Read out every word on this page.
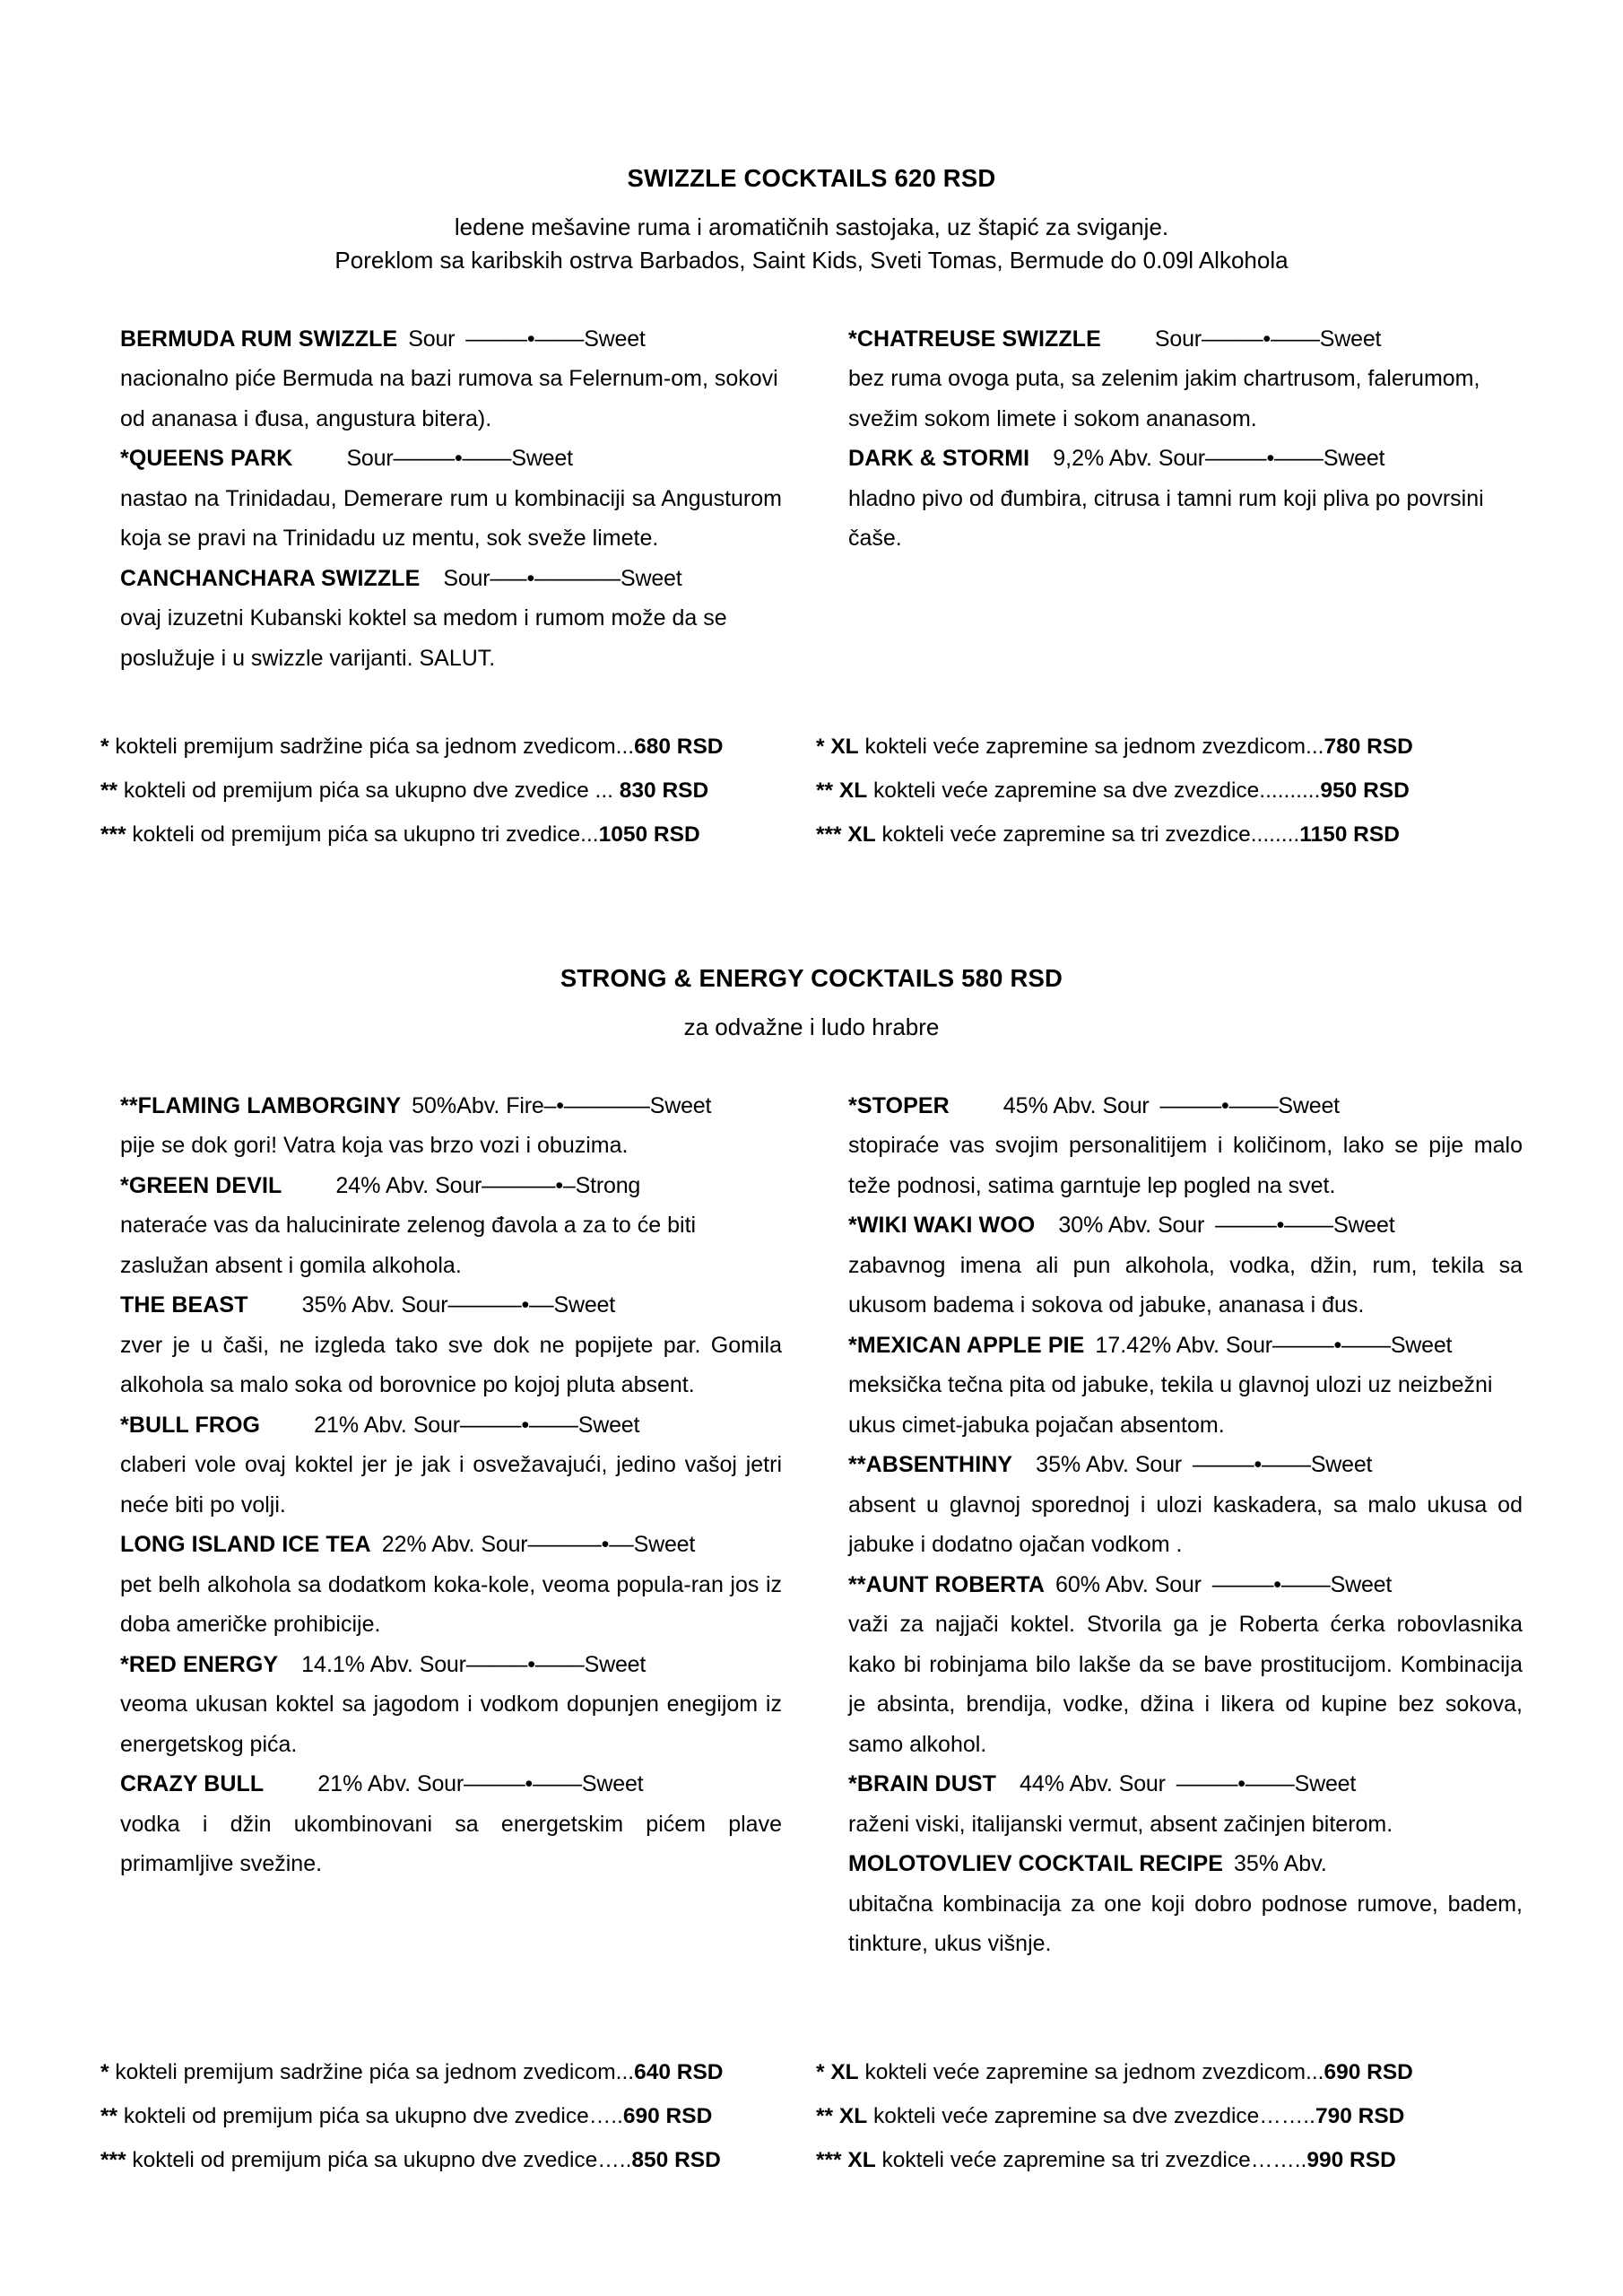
SWIZZLE COCKTAILS 620 RSD
ledene mešavine ruma i aromatičnih sastojaka, uz štapić za sviganje.
Poreklom sa karibskih ostrva Barbados, Saint Kids, Sveti Tomas, Bermude do 0.09l Alkohola
BERMUDA RUM SWIZZLE Sour –––––•––––Sweet
nacionalno piće Bermuda na bazi rumova sa Felernum-om, sokovi od ananasa i đusa, angustura bitera).
*QUEENS PARK Sour–––––•––––Sweet
nastao na Trinidadau, Demerare rum u kombinaciji sa Angusturom koja se pravi na Trinidadu uz mentu, sok sveže limete.
CANCHANCHARA SWIZZLE Sour–––•–––––––Sweet
ovaj izuzetni Kubanski koktel sa medom i rumom može da se poslužuje i u swizzle varijanti. SALUT.
*CHATREUSE SWIZZLE Sour–––––•––––Sweet
bez ruma ovoga puta, sa zelenim jakim chartrusom, falerumom, svežim sokom limete i sokom ananasom.
DARK & STORMI 9,2% Abv. Sour–––––•––––Sweet
hladno pivo od đumbira, citrusa i tamni rum koji pliva po povrsini čaše.
* kokteli premijum sadržine pića sa jednom zvedicom...680 RSD
** kokteli od premijum pića sa ukupno dve zvedice ... 830 RSD
*** kokteli od premijum pića sa ukupno tri zvedice...1050 RSD
* XL kokteli veće zapremine sa jednom zvezdicom...780 RSD
** XL kokteli veće zapremine sa dve zvezdice..........950 RSD
*** XL kokteli veće zapremine sa tri zvezdice........1150 RSD
STRONG & ENERGY COCKTAILS 580 RSD
za odvažne i ludo hrabre
**FLAMING LAMBORGINY 50%Abv. Fire–•–––––––Sweet
pije se dok gori! Vatra koja vas brzo vozi i obuzima.
*GREEN DEVIL 24% Abv. Sour––––––•–Strong
nateraće vas da halucinirate zelenog đavola a za to će biti zaslužan absent i gomila alkohola.
THE BEAST 35% Abv. Sour––––––•––Sweet
zver je u čaši, ne izgleda tako sve dok ne popijete par. Gomila alkohola sa malo soka od borovnice po kojoj pluta absent.
*BULL FROG 21% Abv. Sour–––––•––––Sweet
claberi vole ovaj koktel jer je jak i osvežavajući, jedino vašoj jetri neće biti po volji.
LONG ISLAND ICE TEA 22% Abv. Sour––––––•––Sweet
pet belh alkohola sa dodatkom koka-kole, veoma popula-ran jos iz doba američke prohibicije.
*RED ENERGY 14.1% Abv. Sour–––––•––––Sweet
veoma ukusan koktel sa jagodom i vodkom dopunjen enegijom iz energetskog pića.
CRAZY BULL 21% Abv. Sour–––––•––––Sweet
vodka i džin ukombinovani sa energetskim pićem plave primamljive svežine.
*STOPER 45% Abv. Sour –––––•––––Sweet
stopiraće vas svojim personalitijem i količinom, lako se pije malo teže podnosi, satima garntuje lep pogled na svet.
*WIKI WAKI WOO 30% Abv. Sour –––––•––––Sweet
zabavnog imena ali pun alkohola, vodka, džin, rum, tekila sa ukusom badema i sokova od jabuke, ananasa i đus.
*MEXICAN APPLE PIE 17.42% Abv. Sour–––––•––––Sweet
meksička tečna pita od jabuke, tekila u glavnoj ulozi uz neizbežni ukus cimet-jabuka pojačan absentom.
**ABSENTHINY 35% Abv. Sour –––––•––––Sweet
absent u glavnoj sporednoj i ulozi kaskadera, sa malo ukusa od jabuke i dodatno ojačan vodkom .
**AUNT ROBERTA 60% Abv. Sour –––––•––––Sweet
važi za najjači koktel. Stvorila ga je Roberta ćerka robovlasnika kako bi robinjama bilo lakše da se bave prostitucijom. Kombinacija je absinta, brendija, vodke, džina i likera od kupine bez sokova, samo alkohol.
*BRAIN DUST 44% Abv. Sour –––––•––––Sweet
raženi viski, italijanski vermut, absent začinjen biterom.
MOLOTOVLIEV COCKTAIL RECIPE 35% Abv.
ubitačna kombinacija za one koji dobro podnose rumove, badem, tinkture, ukus višnje.
* kokteli premijum sadržine pića sa jednom zvedicom...640 RSD
** kokteli od premijum pića sa ukupno dve zvedice…..690 RSD
*** kokteli od premijum pića sa ukupno dve zvedice…..850 RSD
* XL kokteli veće zapremine sa jednom zvezdicom...690 RSD
** XL kokteli veće zapremine sa dve zvezdice……..790 RSD
*** XL kokteli veće zapremine sa tri zvezdice……..990 RSD
